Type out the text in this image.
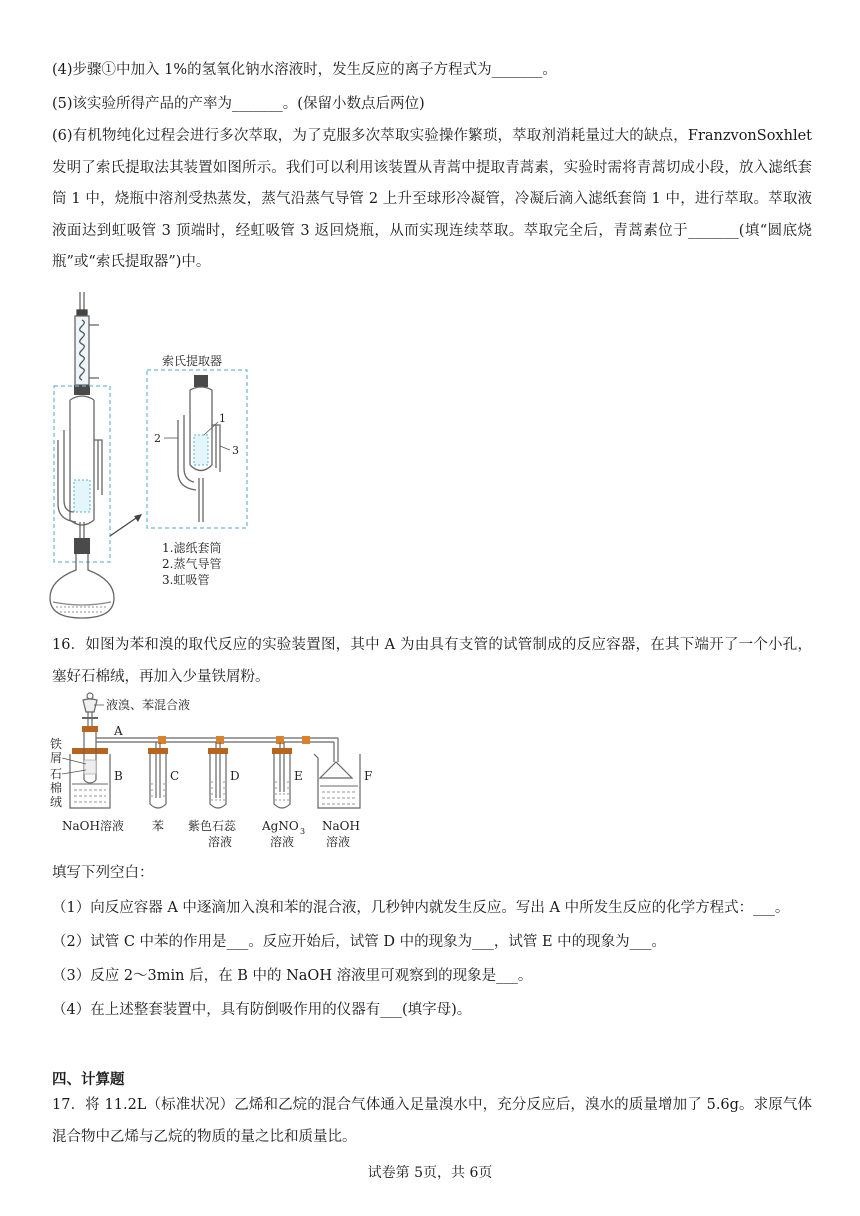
(4)步骤①中加入 1%的氢氧化钠水溶液时，发生反应的离子方程式为_______。
(5)该实验所得产品的产率为_______。(保留小数点后两位)
(6)有机物纯化过程会进行多次萃取，为了克服多次萃取实验操作繁琐，萃取剂消耗量过大的缺点，FranzvonSoxhlet 发明了索氏提取法其装置如图所示。我们可以利用该装置从青蒿中提取青蒿素，实验时需将青蒿切成小段，放入滤纸套筒 1 中，烧瓶中溶剂受热蒸发，蒸气沿蒸气导管 2 上升至球形冷凝管，冷凝后滴入滤纸套筒 1 中，进行萃取。萃取液液面达到虹吸管 3 顶端时，经虹吸管 3 返回烧瓶，从而实现连续萃取。萃取完全后，青蒿素位于_______(填“圆底烧瓶”或“索氏提取器”)中。
索氏提取器
1
2
3
1.滤纸套筒
2.蒸气导管
3.虹吸管
16．如图为苯和溴的取代反应的实验装置图，其中 A 为由具有支管的试管制成的反应容器，在其下端开了一个小孔，塞好石棉绒，再加入少量铁屑粉。
液溴、苯混合液
A
B
铁
屑
石
棉
绒
C	D	E	F
NaOH溶液 苯 紫色石蕊
溶液
AgNO 3
溶液
NaOH
溶液
填写下列空白：
（1）向反应容器 A 中逐滴加入溴和苯的混合液，几秒钟内就发生反应。写出 A 中所发生反应的化学方程式：___。
（2）试管 C 中苯的作用是___。反应开始后，试管 D 中的现象为___，试管 E 中的现象为___。
（3）反应 2～3min 后，在 B 中的 NaOH 溶液里可观察到的现象是___。
（4）在上述整套装置中，具有防倒吸作用的仪器有___(填字母)。
四、计算题
17．将 11.2L（标准状况）乙烯和乙烷的混合气体通入足量溴水中，充分反应后，溴水的质量增加了 5.6g。求原气体混合物中乙烯与乙烷的物质的量之比和质量比。
试卷第 5页，共 6页
